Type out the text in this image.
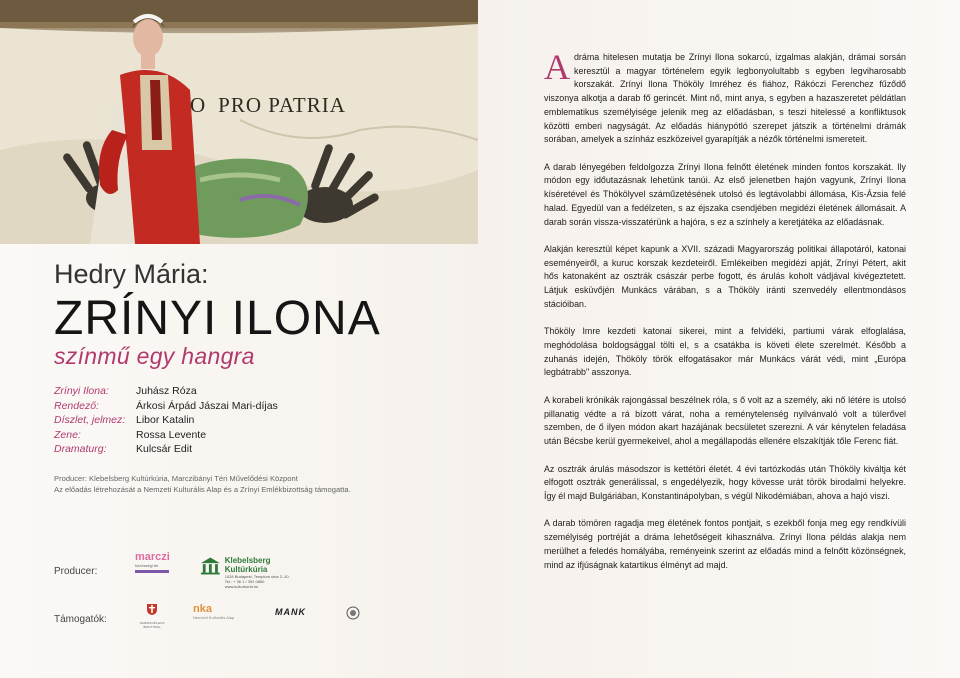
O PRO PATRIA
Hedry Mária:
ZRÍNYI ILONA
színmű egy hangra
Zrínyi Ilona:	Juhász Róza
Rendező:	Árkosi Árpád Jászai Mari-díjas
Díszlet, jelmez:	Libor Katalin
Zene:	Rossa Levente
Dramaturg:	Kulcsár Edit
Producer: Klebelsberg Kultúrkúria, Marczibányi Téri Művelődési Központ
Az előadás létrehozását a Nemzeti Kulturális Alap és a Zrínyi Emlékbizottság támogatta.
Producer:
marczi
közösségi tér
Klebelsberg Kultúrkúria
1028 Budapest, Templom utca 2–10.
Tel.: + 36 1 / 392 0860
www.kulturkuria.hu
Támogatók:	SAMSON ÉS ECS BIZOTTSÁG
nka
Nemzeti Kulturális Alap
MANK

A dráma hitelesen mutatja be Zrínyi Ilona sokarcú, izgalmas alakján, drámai sorsán keresztül a magyar történelem egyik legbonyolultabb s egyben legviharosabb korszakát. Zrínyi Ilona Thököly Imréhez és fiához, Rákóczi Ferenchez fűződő viszonya alkotja a darab fő gerincét. Mint nő, mint anya, s egyben a hazaszeretet példátlan emblematikus személyisége jelenik meg az előadásban, s teszi hitelessé a konfliktusok közötti emberi nagyságát. Az előadás hiánypótló szerepet játszik a történelmi drámák sorában, amelyek a színház eszközeivel gyarapítják a nézők történelmi ismereteit.

A darab lényegében feldolgozza Zrínyi Ilona felnőtt életének minden fontos korszakát. Ily módon egy időutazásnak lehetünk tanúi. Az első jelenetben hajón vagyunk, Zrínyi Ilona kíséretével és Thökölyvel száműzetésének utolsó és legtávolabbi állomása, Kis-Ázsia felé halad. Egyedül van a fedélzeten, s az éjszaka csendjében megidézi életének állomásait. A darab során vissza-visszatérünk a hajóra, s ez a színhely a keretjátéka az előadásnak.

Alakján keresztül képet kapunk a XVII. századi Magyarország politikai állapotáról, katonai eseményeiről, a kuruc korszak kezdeteiről. Emlékeiben megidézi apját, Zrínyi Pétert, akit hős katonaként az osztrák császár perbe fogott, és árulás koholt vádjával kivégeztetett. Látjuk esküvőjén Munkács várában, s a Thököly iránti szenvedély ellentmondásos stációiban.

Thököly Imre kezdeti katonai sikerei, mint a felvidéki, partiumi várak elfoglalása, meghódolása boldogsággal tölti el, s a csatákba is követi élete szerelmét. Később a zuhanás idején, Thököly török elfogatásakor már Munkács várát védi, mint „Európa legbátrabb" asszonya.

A korabeli krónikák rajongással beszélnek róla, s ő volt az a személy, aki nő létére is utolsó pillanatig védte a rá bízott várat, noha a reménytelenség nyilvánvaló volt a túlerővel szemben, de ő ilyen módon akart hazájának becsületet szerezni. A vár kénytelen feladása után Bécsbe kerül gyermekeivel, ahol a megállapodás ellenére elszakítják tőle Ferenc fiát.

Az osztrák árulás másodszor is kettétöri életét. 4 évi tartózkodás után Thököly kiváltja két elfogott osztrák generálissal, s engedélyezik, hogy kövesse urát török birodalmi helyekre. Így él majd Bulgáriában, Konstantinápolyban, s végül Nikodémiában, ahova a hajó viszi.

A darab tömören ragadja meg életének fontos pontjait, s ezekből fonja meg egy rendkívüli személyiség portréját a dráma lehetőségeit kihasználva. Zrínyi Ilona példás alakja nem merülhet a feledés homályába, reményeink szerint az előadás mind a felnőtt közönségnek, mind az ifjúságnak katartikus élményt ad majd.
